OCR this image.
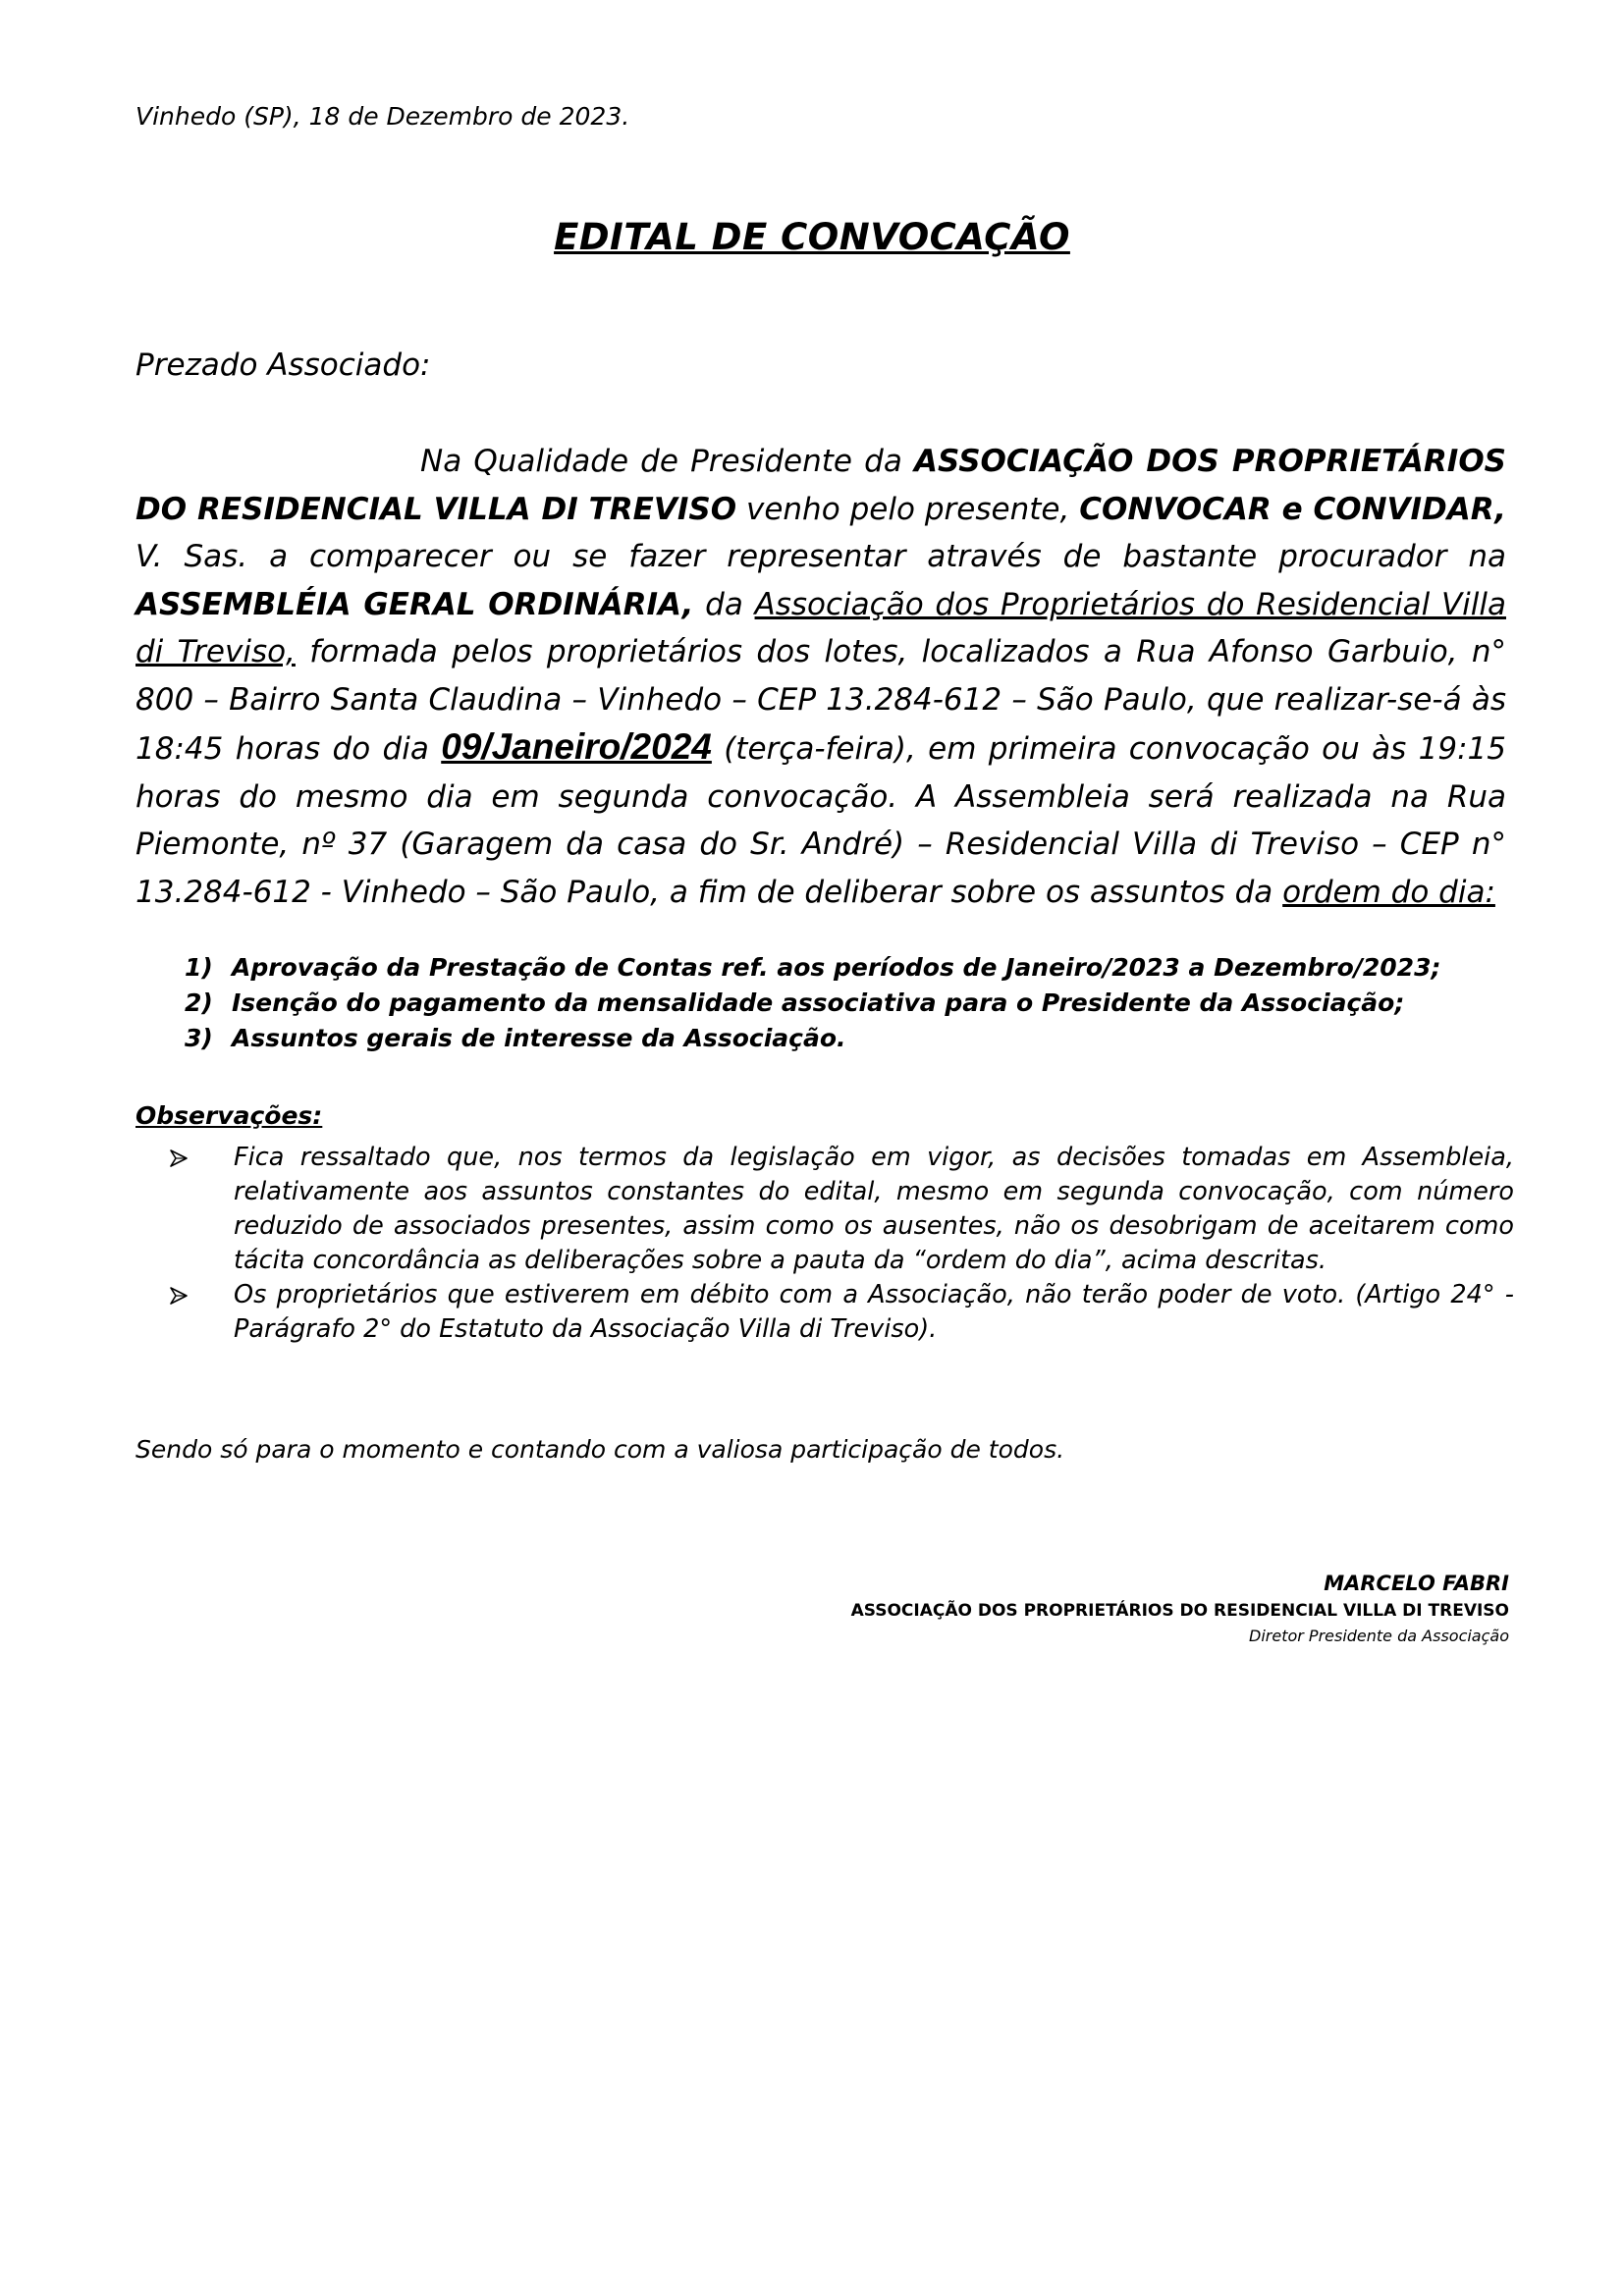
Vinhedo (SP), 18 de Dezembro de 2023.
EDITAL DE CONVOCAÇÃO
Prezado Associado:
Na Qualidade de Presidente da ASSOCIAÇÃO DOS PROPRIETÁRIOS DO RESIDENCIAL VILLA DI TREVISO venho pelo presente, CONVOCAR e CONVIDAR, V. Sas. a comparecer ou se fazer representar através de bastante procurador na ASSEMBLÉIA GERAL ORDINÁRIA, da Associação dos Proprietários do Residencial Villa di Treviso, formada pelos proprietários dos lotes, localizados a Rua Afonso Garbuio, n° 800 – Bairro Santa Claudina – Vinhedo – CEP 13.284-612 – São Paulo, que realizar-se-á às 18:45 horas do dia 09/Janeiro/2024 (terça-feira), em primeira convocação ou às 19:15 horas do mesmo dia em segunda convocação. A Assembleia será realizada na Rua Piemonte, nº 37 (Garagem da casa do Sr. André) – Residencial Villa di Treviso – CEP n° 13.284-612 - Vinhedo – São Paulo, a fim de deliberar sobre os assuntos da ordem do dia:
1) Aprovação da Prestação de Contas ref. aos períodos de Janeiro/2023 a Dezembro/2023;
2) Isenção do pagamento da mensalidade associativa para o Presidente da Associação;
3) Assuntos gerais de interesse da Associação.
Observações:
Fica ressaltado que, nos termos da legislação em vigor, as decisões tomadas em Assembleia, relativamente aos assuntos constantes do edital, mesmo em segunda convocação, com número reduzido de associados presentes, assim como os ausentes, não os desobrigam de aceitarem como tácita concordância as deliberações sobre a pauta da “ordem do dia”, acima descritas.
Os proprietários que estiverem em débito com a Associação, não terão poder de voto. (Artigo 24° - Parágrafo 2° do Estatuto da Associação Villa di Treviso).
Sendo só para o momento e contando com a valiosa participação de todos.
MARCELO FABRI
ASSOCIAÇÃO DOS PROPRIETÁRIOS DO RESIDENCIAL VILLA DI TREVISO
Diretor Presidente da Associação
